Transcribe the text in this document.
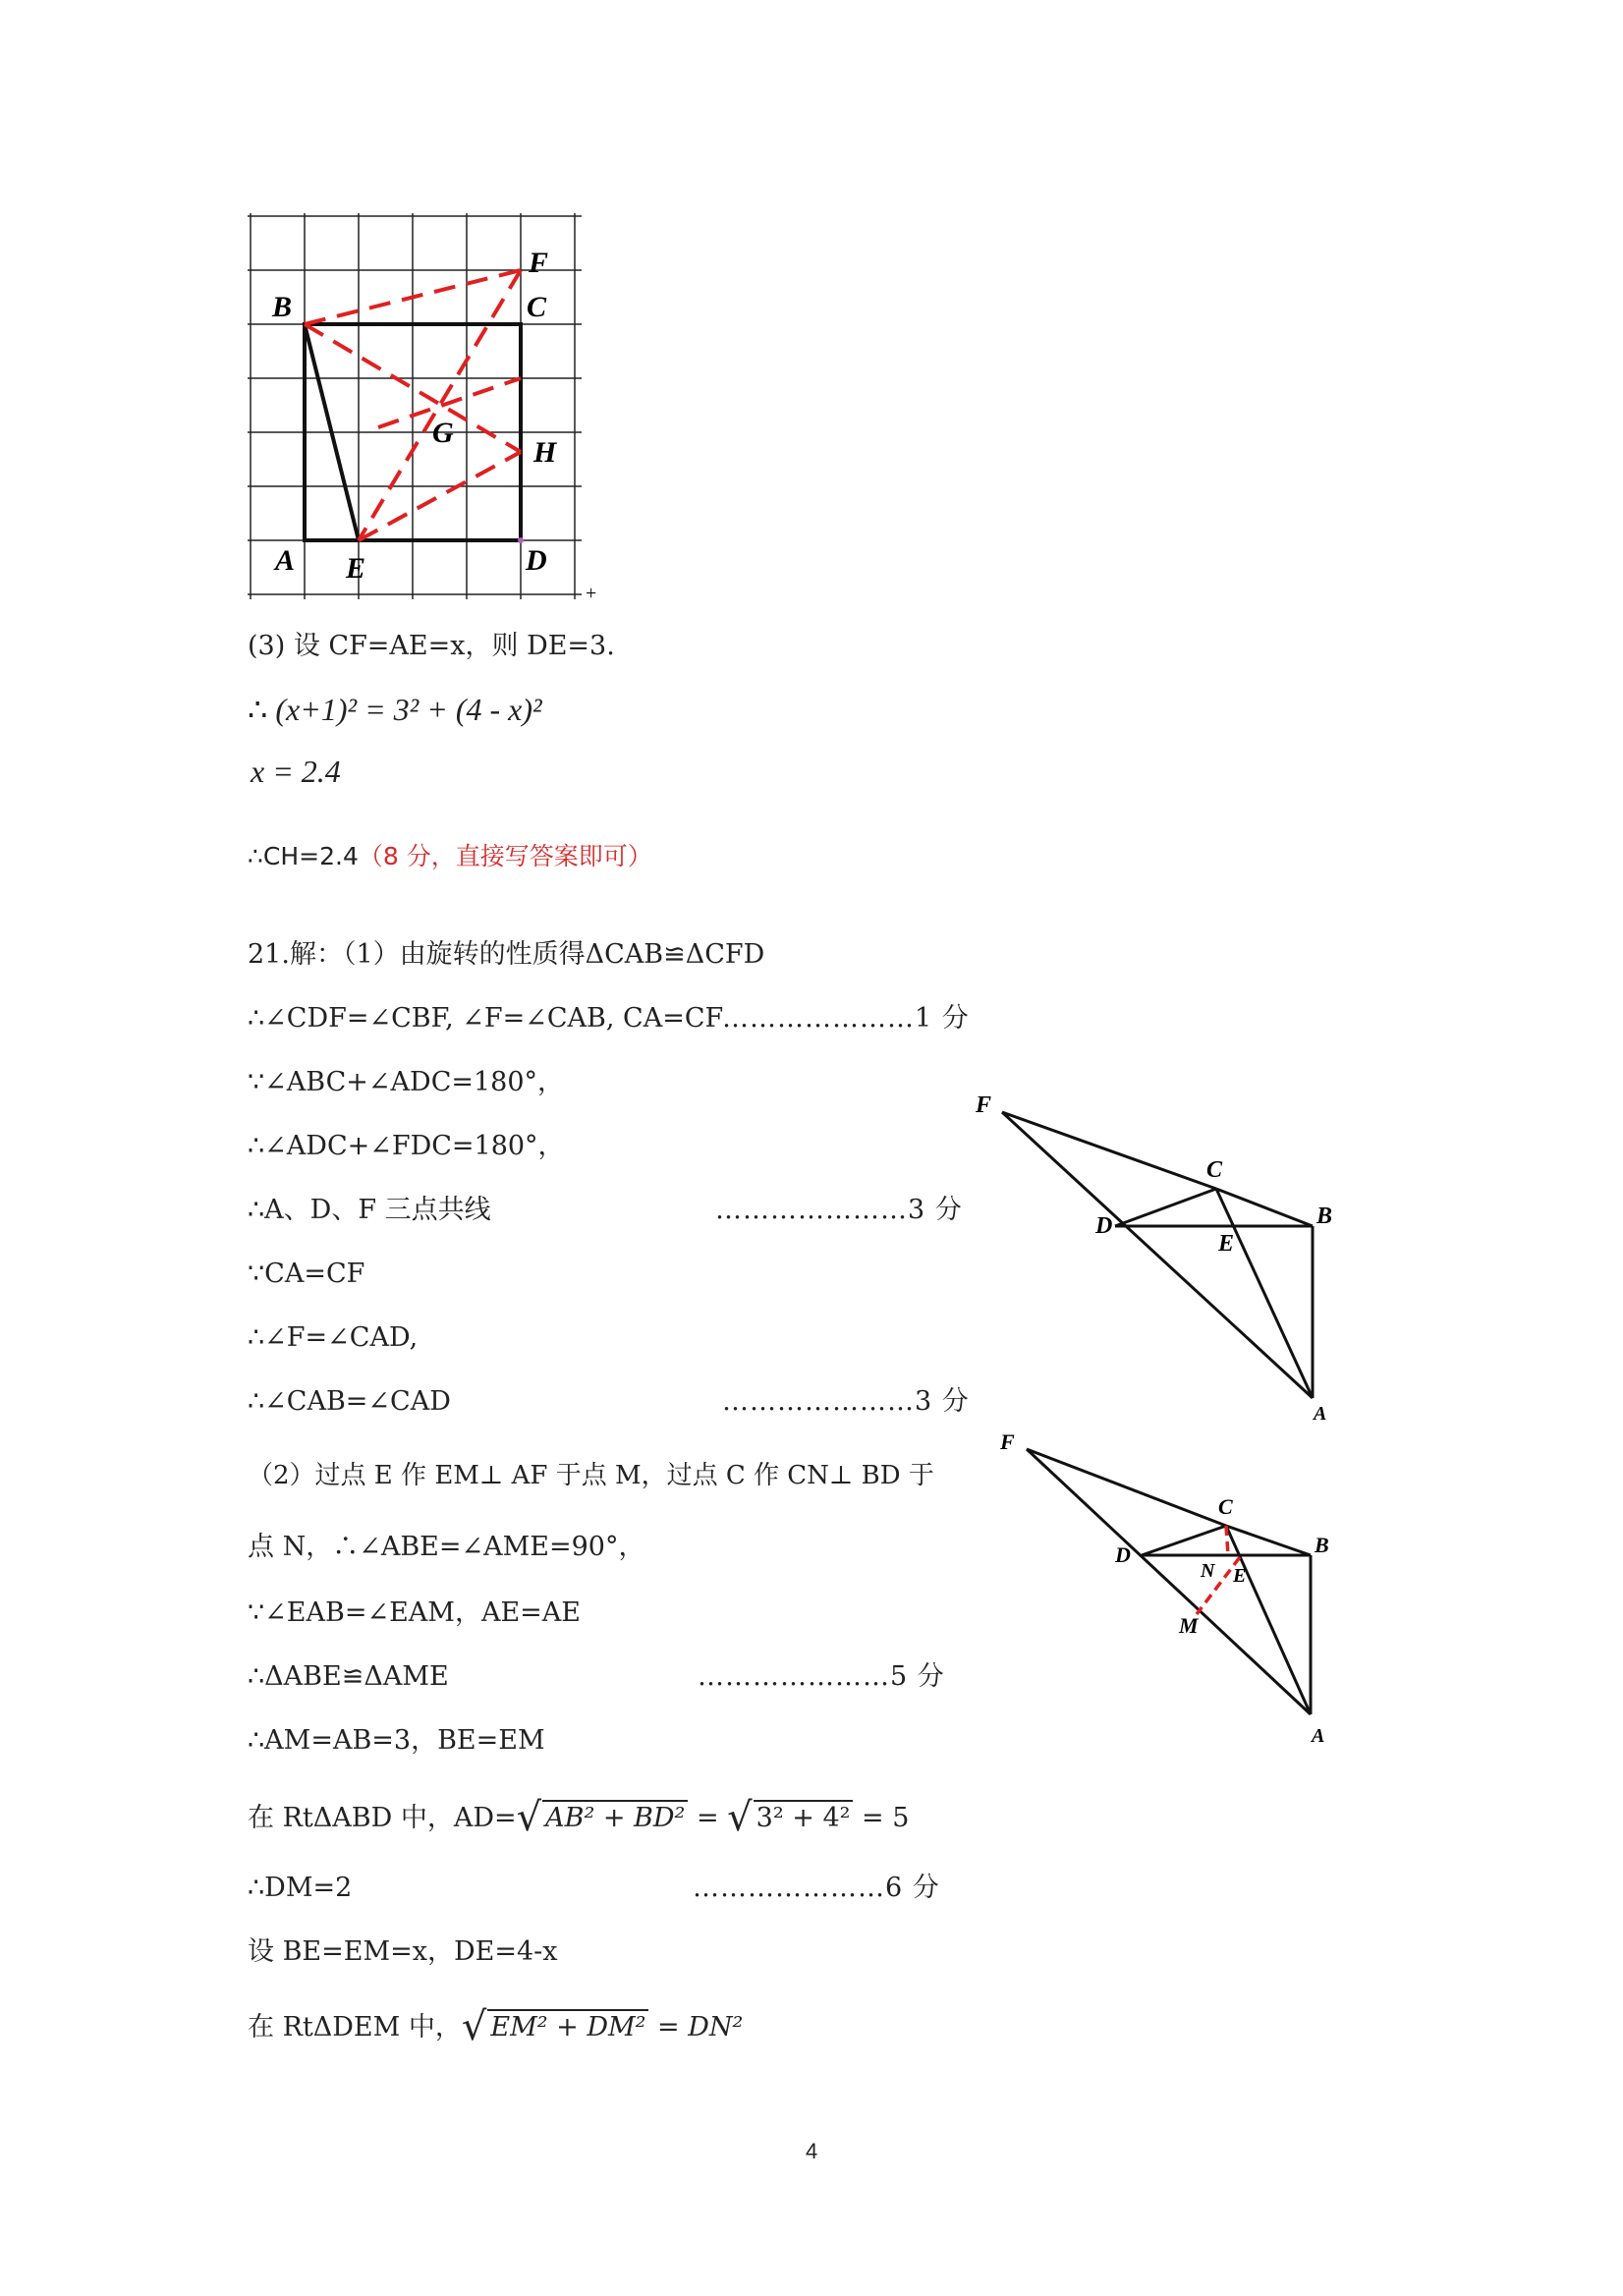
F
B	C
G
H
A E	D
+
(3) 设 CF=AE=x，则 DE=3.
∴ (x+1)² = 3² + (4 - x)²
x = 2.4
∴CH=2.4（8 分，直接写答案即可）
21.解：（1）由旋转的性质得ΔCAB≌ΔCFD
∴∠CDF=∠CBF, ∠F=∠CAB, CA=CF
…………………1 分
∵∠ABC+∠ADC=180°，
∴∠ADC+∠FDC=180°，
∴A、D、F 三点共线	…………………3 分
∵CA=CF
∴∠F=∠CAD,
∴∠CAB=∠CAD	…………………3 分
（2）过点 E 作 EM⊥ AF 于点 M，过点 C 作 CN⊥ BD 于
点 N，∴∠ABE=∠AME=90°，
∵∠EAB=∠EAM，AE=AE
∴ΔABE≌ΔAME	…………………5 分
∴AM=AB=3，BE=EM
在 RtΔABD 中，AD=√ AB² + BD² = √ 3² + 4² = 5
∴DM=2	…………………6 分
设 BE=EM=x，DE=4-x
在 RtΔDEM 中，√ EM² + DM² = DN²
F
C
B
D
E
A
F
C
B
D
N E
M
A
4
